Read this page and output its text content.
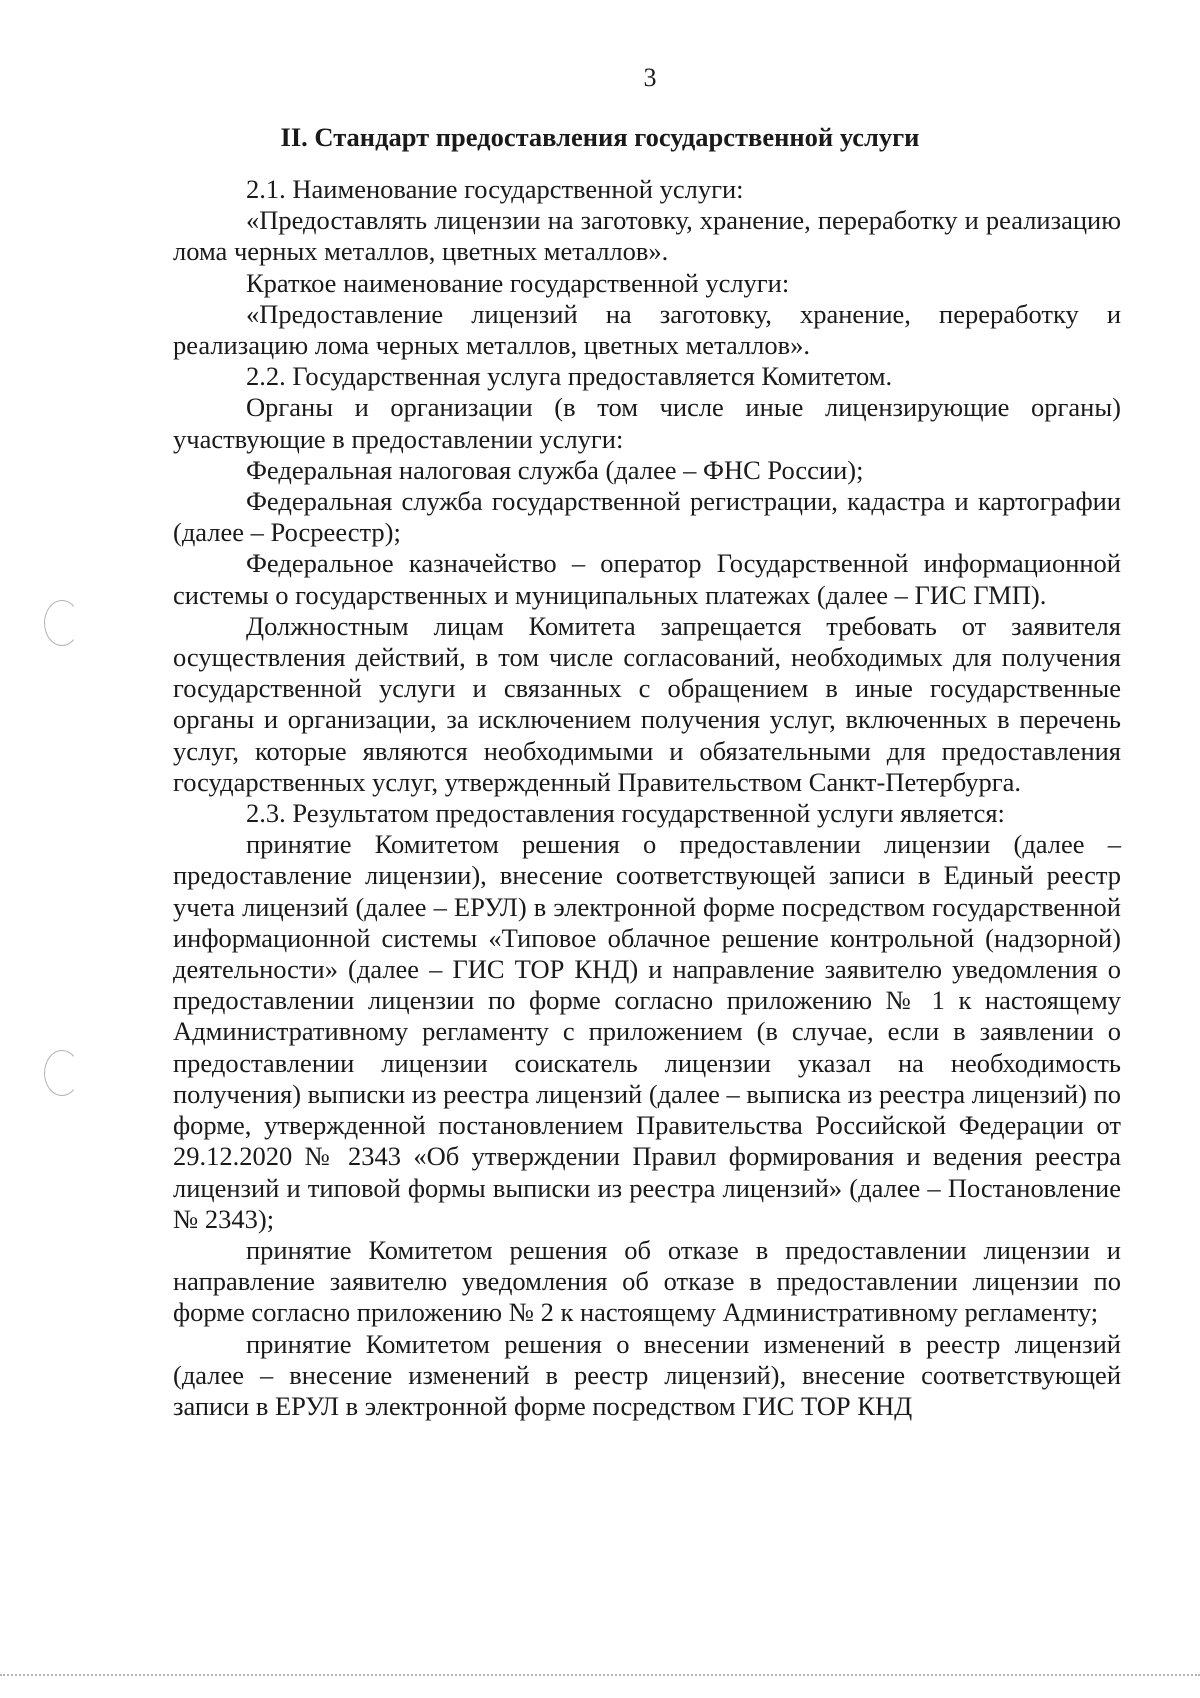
3
II. Стандарт предоставления государственной услуги

2.1. Наименование государственной услуги:

«Предоставлять лицензии на заготовку, хранение, переработку и реализацию лома черных металлов, цветных металлов».

Краткое наименование государственной услуги:

«Предоставление лицензий на заготовку, хранение, переработку и реализацию лома черных металлов, цветных металлов».

2.2. Государственная услуга предоставляется Комитетом.

Органы и организации (в том числе иные лицензирующие органы) участвующие в предоставлении услуги:

Федеральная налоговая служба (далее – ФНС России);

Федеральная служба государственной регистрации, кадастра и картографии (далее – Росреестр);

Федеральное казначейство – оператор Государственной информационной системы о государственных и муниципальных платежах (далее – ГИС ГМП).

Должностным лицам Комитета запрещается требовать от заявителя осуществления действий, в том числе согласований, необходимых для получения государственной услуги и связанных с обращением в иные государственные органы и организации, за исключением получения услуг, включенных в перечень услуг, которые являются необходимыми и обязательными для предоставления государственных услуг, утвержденный Правительством Санкт-Петербурга.

2.3. Результатом предоставления государственной услуги является:

принятие Комитетом решения о предоставлении лицензии (далее – предоставление лицензии), внесение соответствующей записи в Единый реестр учета лицензий (далее – ЕРУЛ) в электронной форме посредством государственной информационной системы «Типовое облачное решение контрольной (надзорной) деятельности» (далее – ГИС ТОР КНД) и направление заявителю уведомления о предоставлении лицензии по форме согласно приложению № 1 к настоящему Административному регламенту с приложением (в случае, если в заявлении о предоставлении лицензии соискатель лицензии указал на необходимость получения) выписки из реестра лицензий (далее – выписка из реестра лицензий) по форме, утвержденной постановлением Правительства Российской Федерации от 29.12.2020 № 2343 «Об утверждении Правил формирования и ведения реестра лицензий и типовой формы выписки из реестра лицензий» (далее – Постановление № 2343);

принятие Комитетом решения об отказе в предоставлении лицензии и направление заявителю уведомления об отказе в предоставлении лицензии по форме согласно приложению № 2 к настоящему Административному регламенту;

принятие Комитетом решения о внесении изменений в реестр лицензий (далее – внесение изменений в реестр лицензий), внесение соответствующей записи в ЕРУЛ в электронной форме посредством ГИС ТОР КНД
